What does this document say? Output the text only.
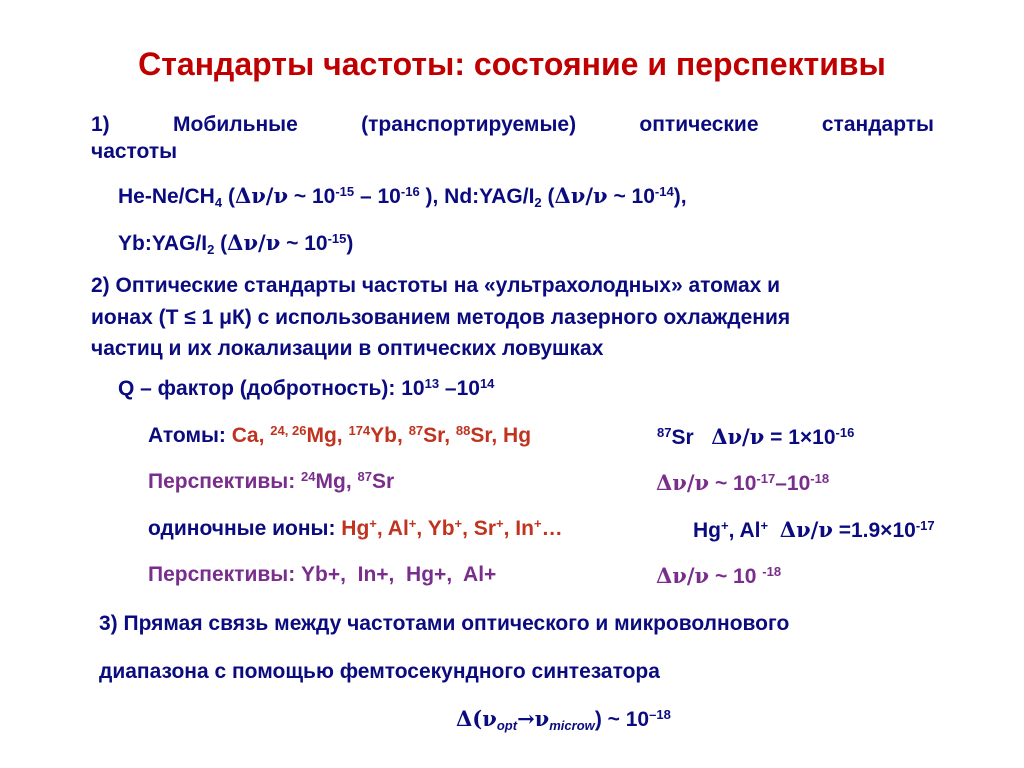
Стандарты частоты: состояние и перспективы
1)	Мобильные	(транспортируемые)	оптические	стандарты
частоты
$He-Ne/CH_4$ (Δν/ν ~ $10^{-15} - 10^{-16}$ ), $Nd:YAG/I_2$ (Δν/ν ~ $10^{-14}$),
$Yb:YAG/I_2$ (Δν/ν ~ $10^{-15}$)
2) Оптические стандарты частоты на «ультрахолодных» атомах и
ионах (Т ≤ 1 μК) с использованием методов лазерного охлаждения
частиц и их локализации в оптических ловушках
Q – фактор (добротность): $10^{13}$ $-10^{14}$
Атомы: Ca, $^{24, 26}$Mg, $^{174}$Yb, $^{87}$Sr, $^{88}$Sr, Hg	$^{87}$Sr $\Delta\nu/\nu = 1\times 10^{-16}$
Перспективы: $^{24}$Mg, $^{87}$Sr	Δν/ν ~ $10^{-17}-10^{-18}$
одиночные ионы: Hg+, Al+, Yb+, Sr+, In+…	Hg+, Al+ $\Delta\nu/\nu =1.9\times 10^{-17}$
Перспективы: Yb+,  In+,  Hg+,  Al+	Δν/ν ~ 10 $^{-18}$
3) Прямая связь между частотами оптического и микроволнового
диапазона с помощью фемтосекундного синтезатора
$\Delta(\nu_{opt}\to\nu_{microw})$ ~ $10^{-18}$
